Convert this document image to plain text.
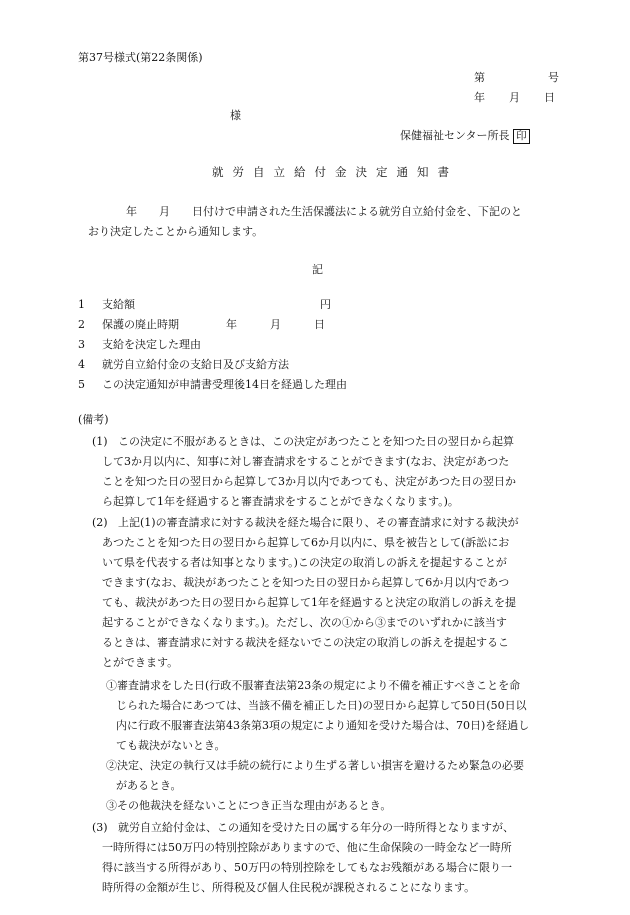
第37号様式(第22条関係)
第	号
年 月 日
様
保健福祉センター所長 印
就労自立給付金決定通知書
年　　月　　日付けで申請された生活保護法による就労自立給付金を、下記のと
おり決定したことから通知します。
記
1 支給額	円
2 保護の廃止時期	年　　　月　　　日
3 支給を決定した理由
4 就労自立給付金の支給日及び支給方法
5 この決定通知が申請書受理後14日を経過した理由
(備考)
(1) この決定に不服があるときは、この決定があつたことを知つた日の翌日から起算
して3か月以内に、知事に対し審査請求をすることができます(なお、決定があつた
ことを知つた日の翌日から起算して3か月以内であつても、決定があつた日の翌日か
ら起算して1年を経過すると審査請求をすることができなくなります。)。
(2) 上記(1)の審査請求に対する裁決を経た場合に限り、その審査請求に対する裁決が
あつたことを知つた日の翌日から起算して6か月以内に、県を被告として(訴訟にお
いて県を代表する者は知事となります。)この決定の取消しの訴えを提起することが
できます(なお、裁決があつたことを知つた日の翌日から起算して6か月以内であつ
ても、裁決があつた日の翌日から起算して1年を経過すると決定の取消しの訴えを提
起することができなくなります。)。ただし、次の①から③までのいずれかに該当す
るときは、審査請求に対する裁決を経ないでこの決定の取消しの訴えを提起するこ
とができます。
①審査請求をした日(行政不服審査法第23条の規定により不備を補正すべきことを命
じられた場合にあつては、当該不備を補正した日)の翌日から起算して50日(50日以
内に行政不服審査法第43条第3項の規定により通知を受けた場合は、70日)を経過し
ても裁決がないとき。
②決定、決定の執行又は手続の続行により生ずる著しい損害を避けるため緊急の必要
があるとき。
③その他裁決を経ないことにつき正当な理由があるとき。
(3) 就労自立給付金は、この通知を受けた日の属する年分の一時所得となりますが、
一時所得には50万円の特別控除がありますので、他に生命保険の一時金など一時所
得に該当する所得があり、50万円の特別控除をしてもなお残額がある場合に限り一
時所得の金額が生じ、所得税及び個人住民税が課税されることになります。
